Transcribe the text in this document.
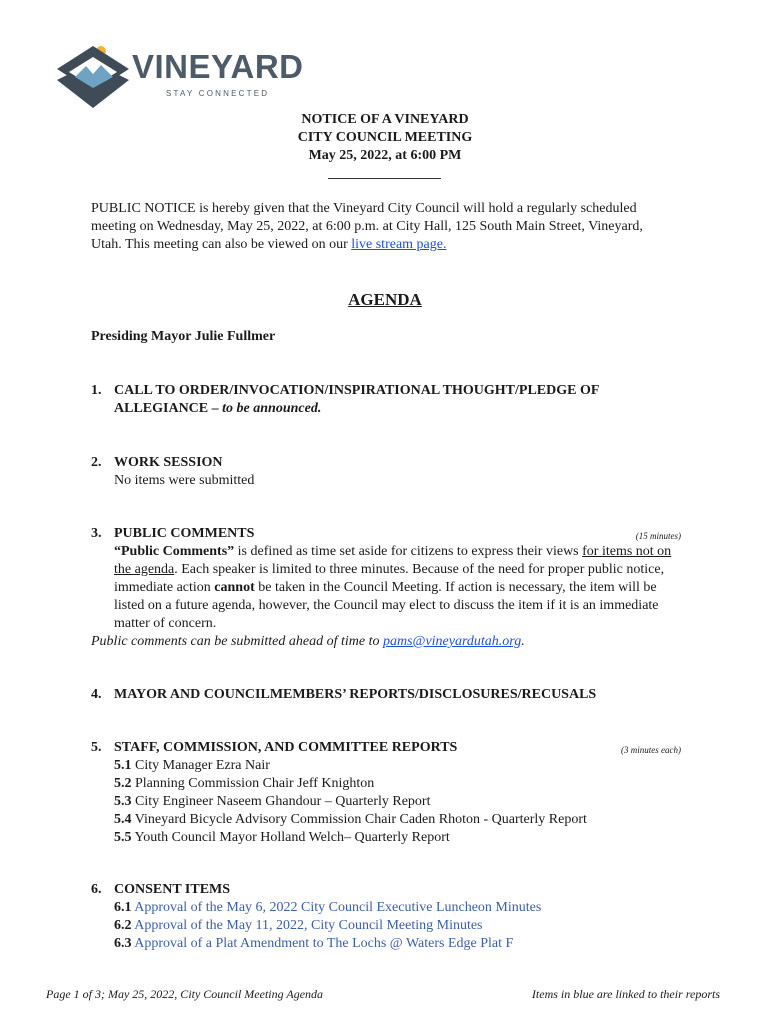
VINEYARD
STAY CONNECTED
NOTICE OF A VINEYARD
CITY COUNCIL MEETING
May 25, 2022, at 6:00 PM
PUBLIC NOTICE is hereby given that the Vineyard City Council will hold a regularly scheduled meeting on Wednesday, May 25, 2022, at 6:00 p.m. at City Hall, 125 South Main Street, Vineyard, Utah. This meeting can also be viewed on our live stream page.
AGENDA
Presiding Mayor Julie Fullmer
1. CALL TO ORDER/INVOCATION/INSPIRATIONAL THOUGHT/PLEDGE OF ALLEGIANCE – to be announced.
2. WORK SESSION
No items were submitted
3.	(15 minutes)
PUBLIC COMMENTS
“Public Comments” is defined as time set aside for citizens to express their views for items not on the agenda. Each speaker is limited to three minutes. Because of the need for proper public notice, immediate action cannot be taken in the Council Meeting. If action is necessary, the item will be listed on a future agenda, however, the Council may elect to discuss the item if it is an immediate matter of concern.
Public comments can be submitted ahead of time to pams@vineyardutah.org.
4. MAYOR AND COUNCILMEMBERS’ REPORTS/DISCLOSURES/RECUSALS
5.	(3 minutes each)
STAFF, COMMISSION, AND COMMITTEE REPORTS
5.1 City Manager Ezra Nair
5.2 Planning Commission Chair Jeff Knighton
5.3 City Engineer Naseem Ghandour – Quarterly Report
5.4 Vineyard Bicycle Advisory Commission Chair Caden Rhoton - Quarterly Report
5.5 Youth Council Mayor Holland Welch– Quarterly Report
6. CONSENT ITEMS
6.1 Approval of the May 6, 2022 City Council Executive Luncheon Minutes
6.2 Approval of the May 11, 2022, City Council Meeting Minutes
6.3 Approval of a Plat Amendment to The Lochs @ Waters Edge Plat F
Page 1 of 3; May 25, 2022, City Council Meeting Agenda	Items in blue are linked to their reports
